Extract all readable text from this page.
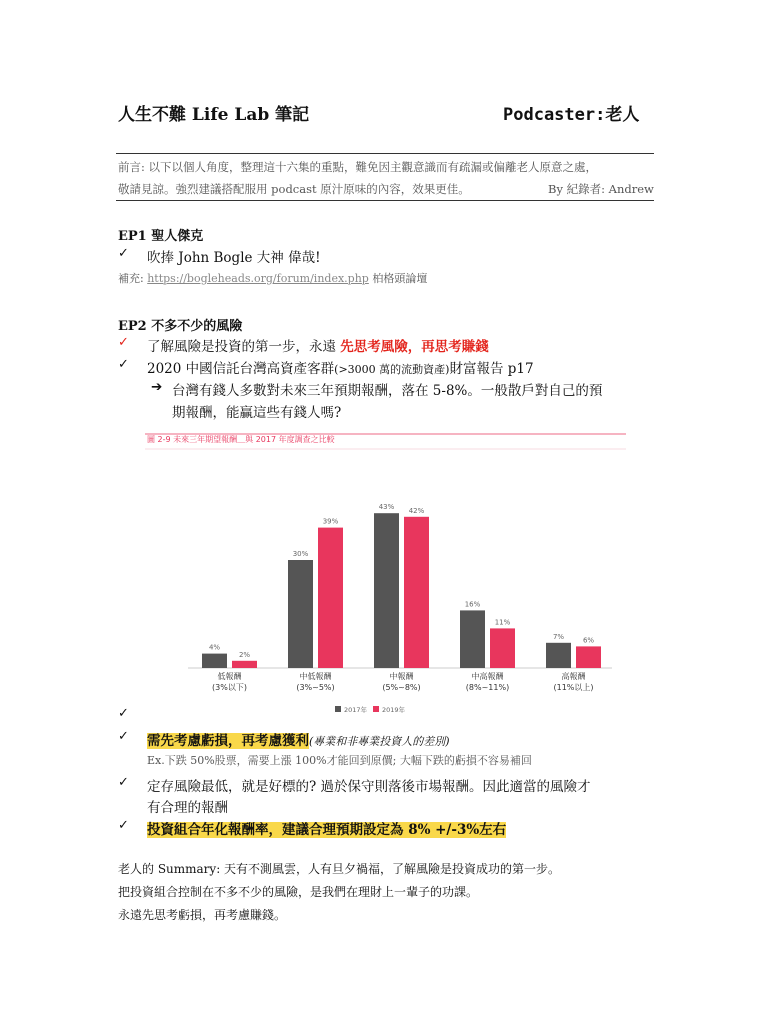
人生不難 Life Lab 筆記	Podcaster:老人
前言: 以下以個人角度，整理這十六集的重點，難免因主觀意識而有疏漏或偏離老人原意之處，
敬請見諒。強烈建議搭配服用 podcast 原汁原味的內容，效果更佳。	By 紀錄者: Andrew
EP1 聖人傑克
✓ 吹捧 John Bogle 大神 偉哉!
補充: https://bogleheads.org/forum/index.php 柏格頭論壇
EP2 不多不少的風險
✓ 了解風險是投資的第一步，永遠 先思考風險，再思考賺錢
✓ 2020 中國信託台灣高資產客群(>3000 萬的流動資產)財富報告 p17
➔ 台灣有錢人多數對未來三年預期報酬，落在 5-8%。一般散戶對自己的預
期報酬，能贏這些有錢人嗎?
圖 2-9 未來三年期望報酬＿與 2017 年度調查之比較
4%
2%
低報酬
(3%以下)
30%
39%
中低報酬
(3%~5%)
43% 42%
中報酬
(5%~8%)
16%
11%
中高報酬
(8%~11%)
7%	6%
高報酬
(11%以上)
2017年 2019年
✓
✓ 需先考慮虧損，再考慮獲利(專業和非專業投資人的差別)
Ex.下跌 50%股票，需要上漲 100%才能回到原價; 大幅下跌的虧損不容易補回
✓ 定存風險最低，就是好標的? 過於保守則落後市場報酬。因此適當的風險才
有合理的報酬
✓ 投資組合年化報酬率，建議合理預期設定為 8% +/-3%左右
老人的 Summary: 天有不測風雲，人有旦夕禍福，了解風險是投資成功的第一步。
把投資組合控制在不多不少的風險，是我們在理財上一輩子的功課。
永遠先思考虧損，再考慮賺錢。
